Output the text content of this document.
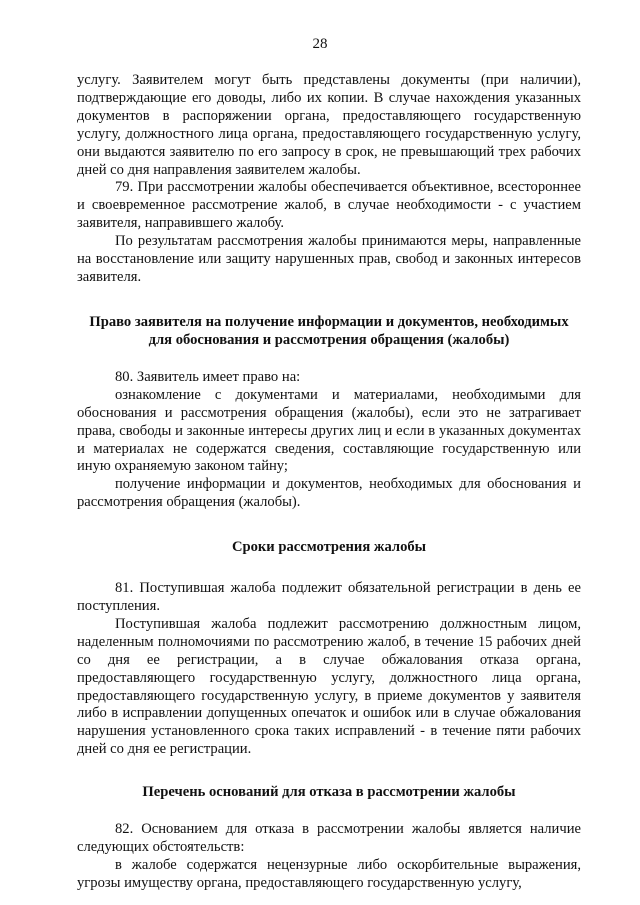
28

услугу. Заявителем могут быть представлены документы (при наличии), подтверждающие его доводы, либо их копии. В случае нахождения указанных документов в распоряжении органа, предоставляющего государственную услугу, должностного лица органа, предоставляющего государственную услугу, они выдаются заявителю по его запросу в срок, не превышающий трех рабочих дней со дня направления заявителем жалобы.

79. При рассмотрении жалобы обеспечивается объективное, всестороннее и своевременное рассмотрение жалоб, в случае необходимости - с участием заявителя, направившего жалобу.

По результатам рассмотрения жалобы принимаются меры, направленные на восстановление или защиту нарушенных прав, свобод и законных интересов заявителя.

Право заявителя на получение информации и документов, необходимых для обоснования и рассмотрения обращения (жалобы)

80. Заявитель имеет право на:

ознакомление с документами и материалами, необходимыми для обоснования и рассмотрения обращения (жалобы), если это не затрагивает права, свободы и законные интересы других лиц и если в указанных документах и материалах не содержатся сведения, составляющие государственную или иную охраняемую законом тайну;

получение информации и документов, необходимых для обоснования и рассмотрения обращения (жалобы).

Сроки рассмотрения жалобы

81. Поступившая жалоба подлежит обязательной регистрации в день ее поступления.

Поступившая жалоба подлежит рассмотрению должностным лицом, наделенным полномочиями по рассмотрению жалоб, в течение 15 рабочих дней со дня ее регистрации, а в случае обжалования отказа органа, предоставляющего государственную услугу, должностного лица органа, предоставляющего государственную услугу, в приеме документов у заявителя либо в исправлении допущенных опечаток и ошибок или в случае обжалования нарушения установленного срока таких исправлений - в течение пяти рабочих дней со дня ее регистрации.

Перечень оснований для отказа в рассмотрении жалобы

82. Основанием для отказа в рассмотрении жалобы является наличие следующих обстоятельств:

в жалобе содержатся нецензурные либо оскорбительные выражения, угрозы имуществу органа, предоставляющего государственную услугу,
